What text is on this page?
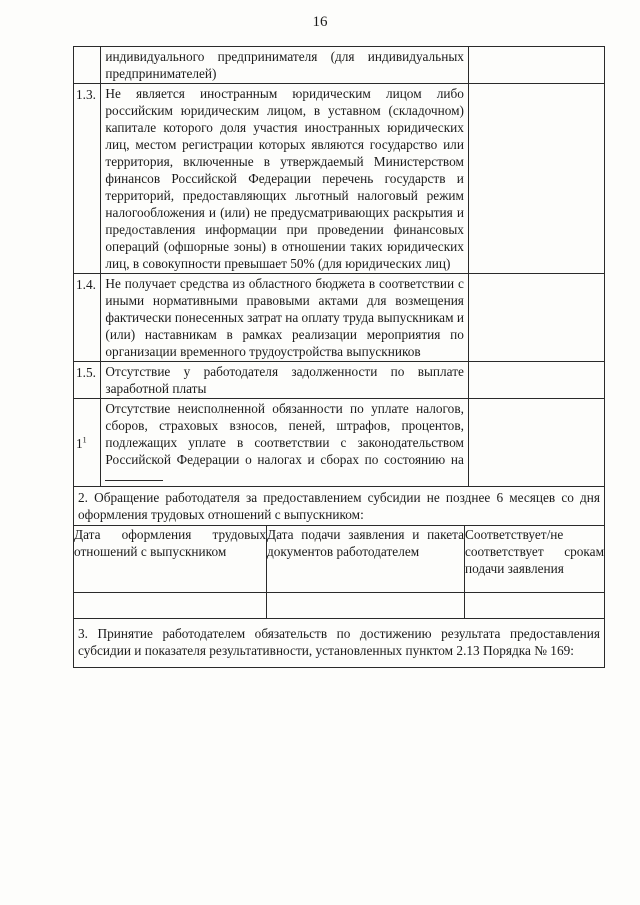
16
	индивидуального предпринимателя (для индивидуальных предпринимателей)	
1.3.	Не является иностранным юридическим лицом либо российским юридическим лицом, в уставном (складочном) капитале которого доля участия иностранных юридических лиц, местом регистрации которых являются государство или территория, включенные в утверждаемый Министерством финансов Российской Федерации перечень государств и территорий, предоставляющих льготный налоговый режим налогообложения и (или) не предусматривающих раскрытия и предоставления информации при проведении финансовых операций (офшорные зоны) в отношении таких юридических лиц, в совокупности превышает 50% (для юридических лиц)	
1.4.	Не получает средства из областного бюджета в соответствии с иными нормативными правовыми актами для возмещения фактически понесенных затрат на оплату труда выпускникам и (или) наставникам в рамках реализации мероприятия по организации временного трудоустройства выпускников	
1.5.	Отсутствие у работодателя задолженности по выплате заработной платы	
$1^1$	Отсутствие неисполненной обязанности по уплате налогов, сборов, страховых взносов, пеней, штрафов, процентов, подлежащих уплате в соответствии с законодательством Российской Федерации о налогах и сборах по состоянию на	
2. Обращение работодателя за предоставлением субсидии не позднее 6 месяцев со дня оформления трудовых отношений с выпускником:

Дата оформления трудовых отношений с выпускником	Дата подачи заявления и пакета документов работодателем	Соответствует/не соответствует срокам подачи заявления

3. Принятие работодателем обязательств по достижению результата предоставления субсидии и показателя результативности, установленных пунктом 2.13 Порядка № 169:
